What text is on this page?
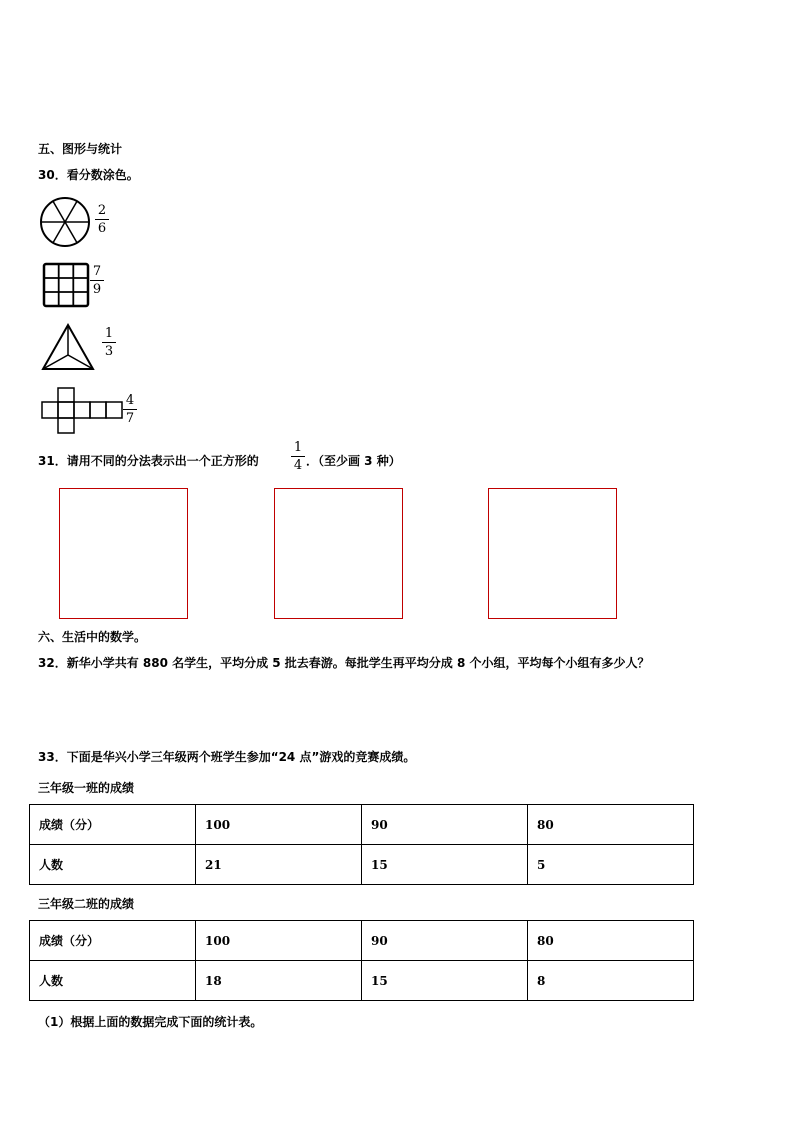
五、图形与统计
30．看分数涂色。
2
6
7
9
1
3
4
7
31．请用不同的分法表示出一个正方形的
1
4 ．（至少画 3 种）
六、生活中的数学。
32．新华小学共有 880 名学生，平均分成 5 批去春游。每批学生再平均分成 8 个小组，平均每个小组有多少人？
33．下面是华兴小学三年级两个班学生参加“24 点”游戏的竞赛成绩。
三年级一班的成绩
成绩（分）	100	90	80
人数	21	15	5
三年级二班的成绩
成绩（分）	100	90	80
人数	18	15	8
（1）根据上面的数据完成下面的统计表。
